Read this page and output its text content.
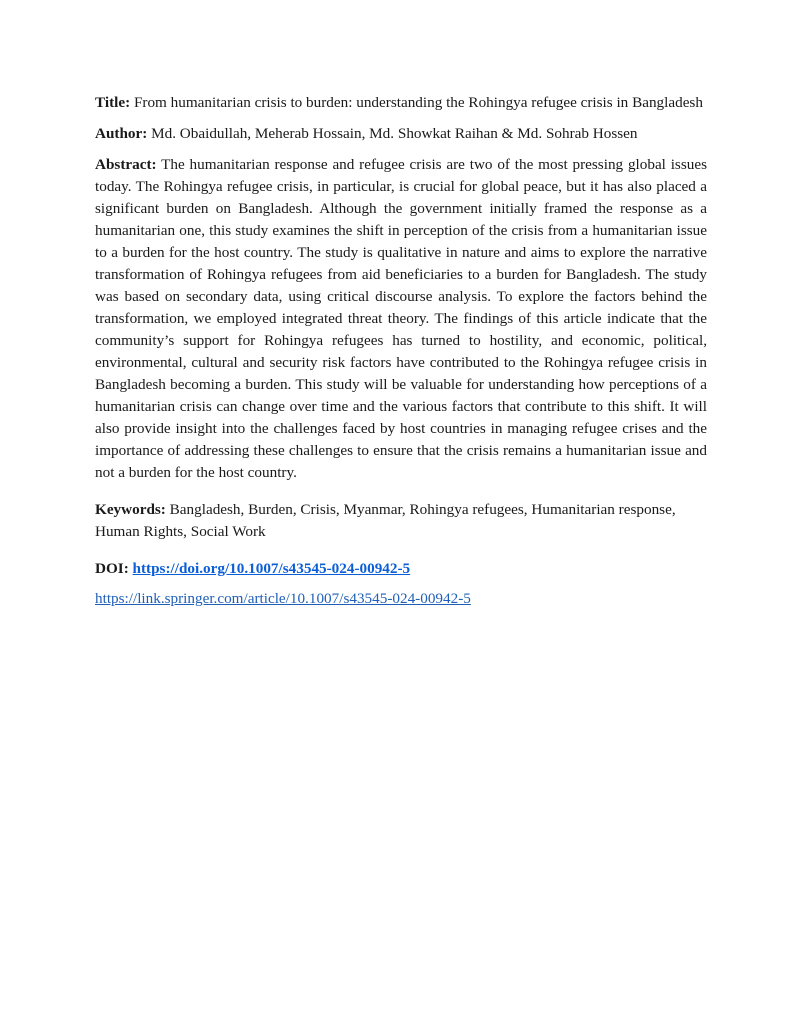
Title: From humanitarian crisis to burden: understanding the Rohingya refugee crisis in Bangladesh

Author: Md. Obaidullah, Meherab Hossain, Md. Showkat Raihan & Md. Sohrab Hossen

Abstract: The humanitarian response and refugee crisis are two of the most pressing global issues today. The Rohingya refugee crisis, in particular, is crucial for global peace, but it has also placed a significant burden on Bangladesh. Although the government initially framed the response as a humanitarian one, this study examines the shift in perception of the crisis from a humanitarian issue to a burden for the host country. The study is qualitative in nature and aims to explore the narrative transformation of Rohingya refugees from aid beneficiaries to a burden for Bangladesh. The study was based on secondary data, using critical discourse analysis. To explore the factors behind the transformation, we employed integrated threat theory. The findings of this article indicate that the community’s support for Rohingya refugees has turned to hostility, and economic, political, environmental, cultural and security risk factors have contributed to the Rohingya refugee crisis in Bangladesh becoming a burden. This study will be valuable for understanding how perceptions of a humanitarian crisis can change over time and the various factors that contribute to this shift. It will also provide insight into the challenges faced by host countries in managing refugee crises and the importance of addressing these challenges to ensure that the crisis remains a humanitarian issue and not a burden for the host country.

Keywords: Bangladesh, Burden, Crisis, Myanmar, Rohingya refugees, Humanitarian response, Human Rights, Social Work

DOI: https://doi.org/10.1007/s43545-024-00942-5

https://link.springer.com/article/10.1007/s43545-024-00942-5
